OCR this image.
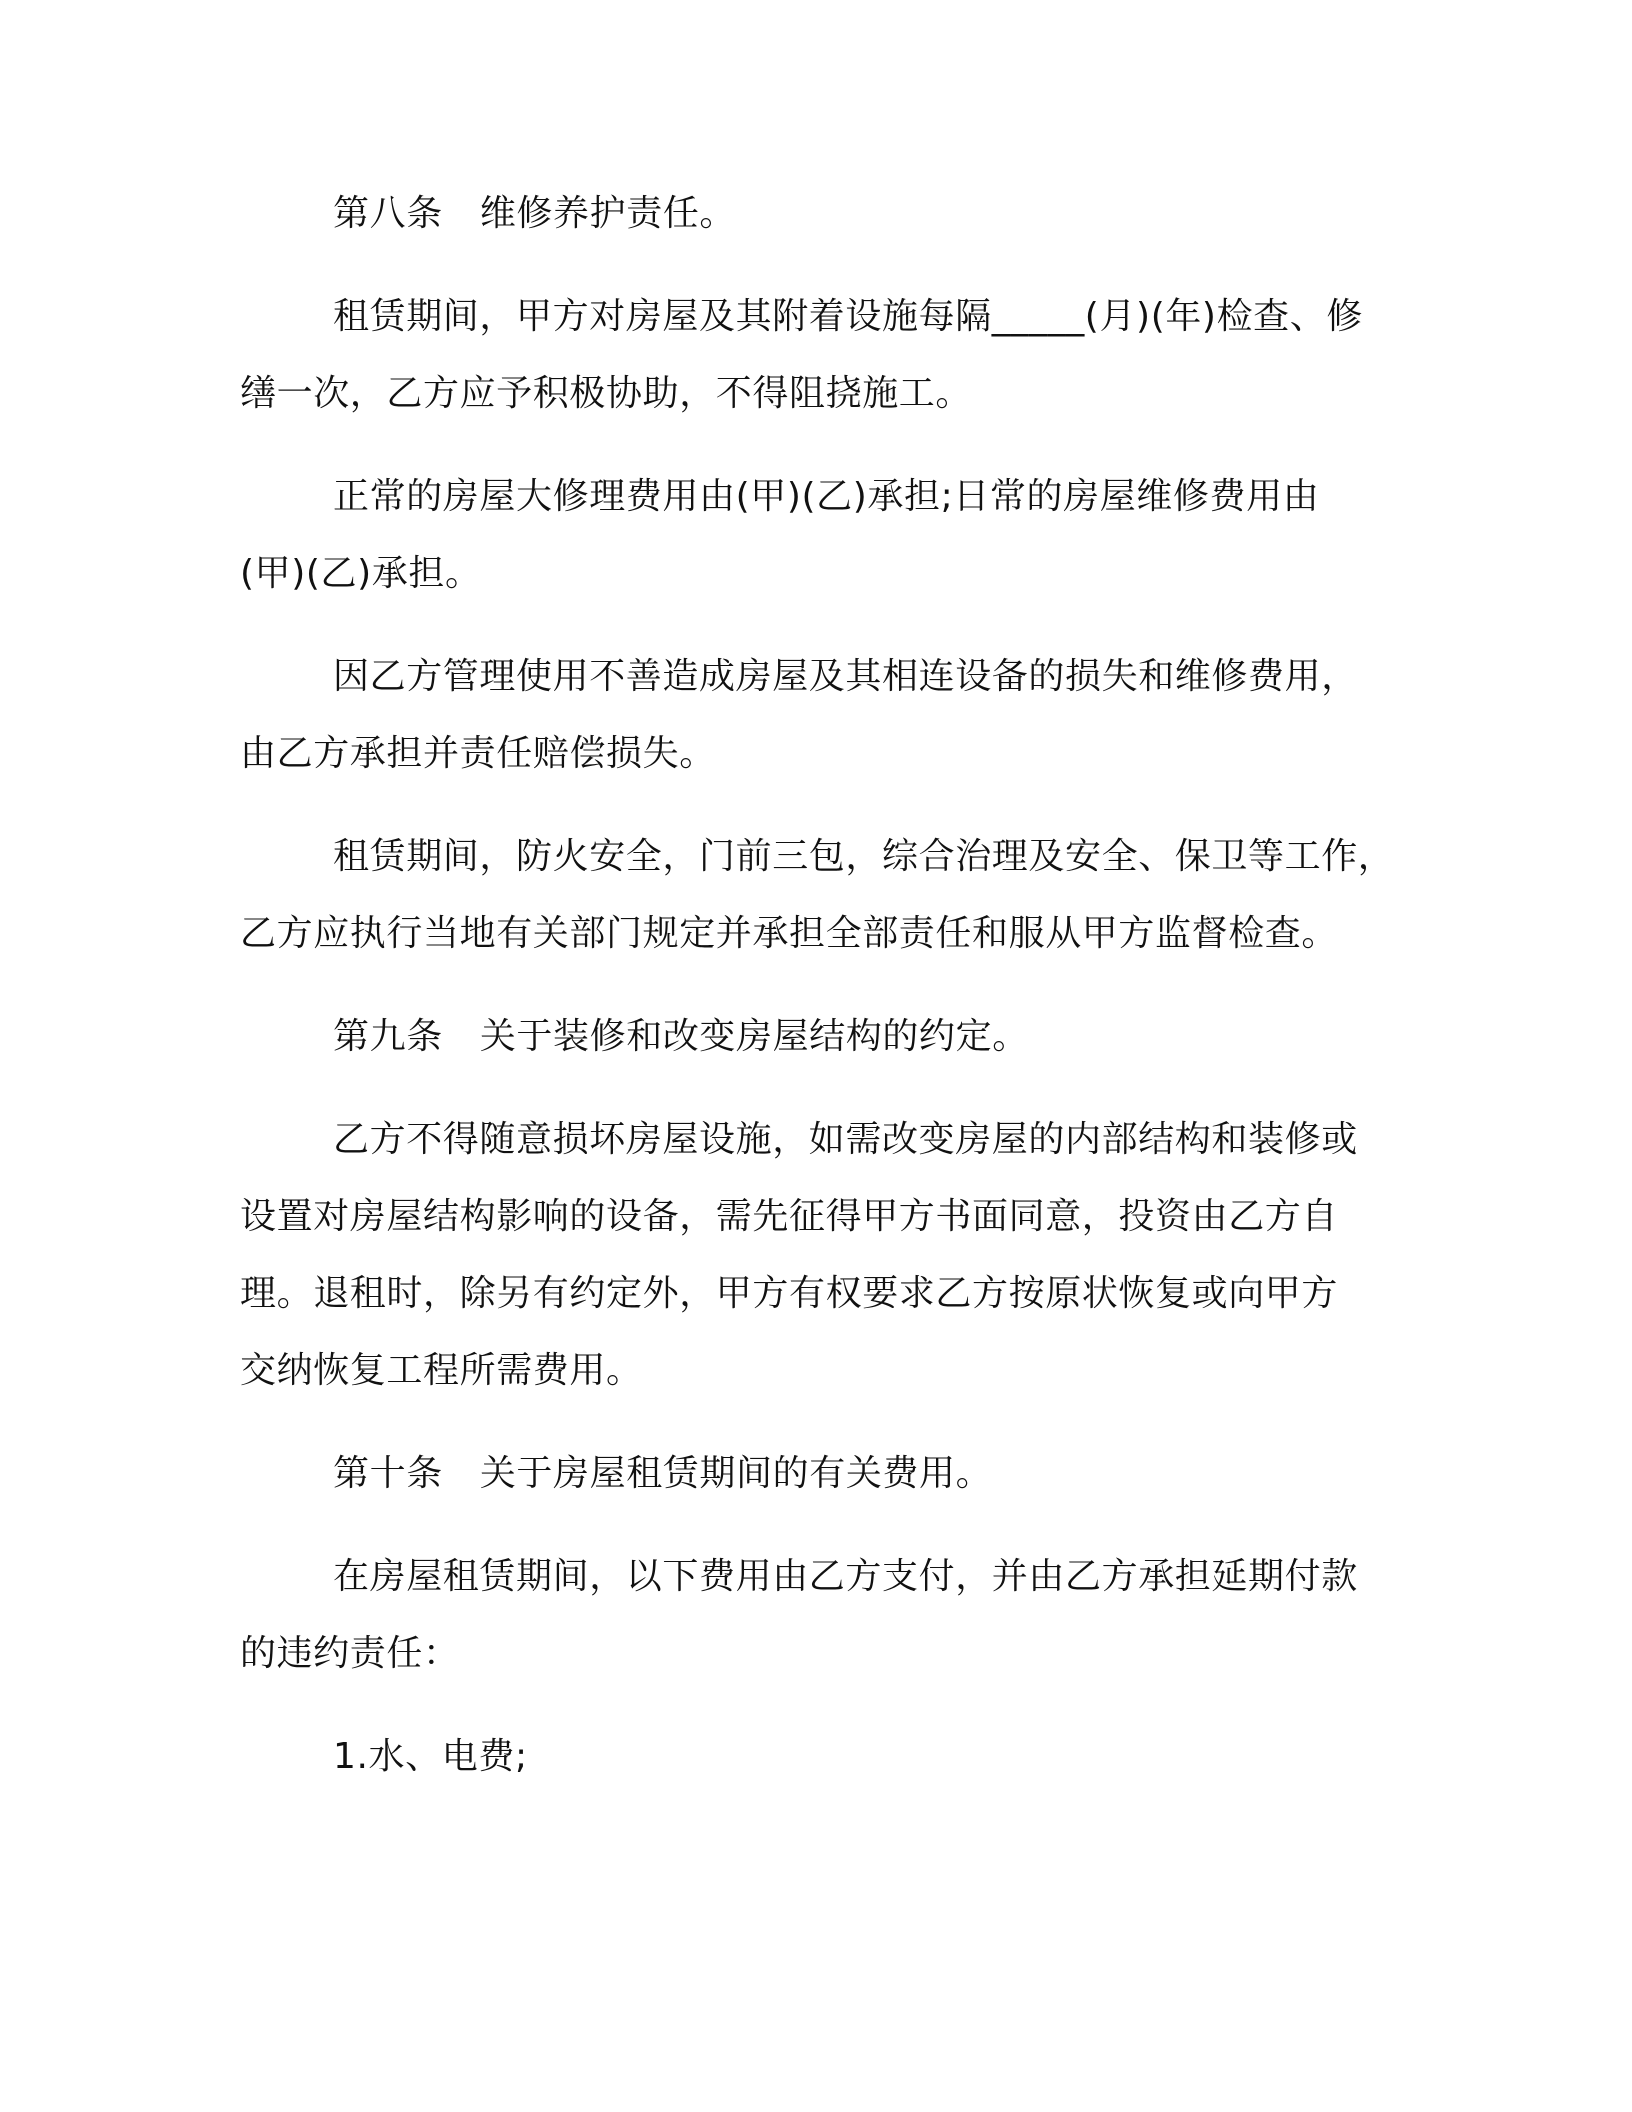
第八条 维修养护责任。
租赁期间，甲方对房屋及其附着设施每隔_____(月)(年)检查、修
缮一次，乙方应予积极协助，不得阻挠施工。
正常的房屋大修理费用由(甲)(乙)承担;日常的房屋维修费用由
(甲)(乙)承担。
因乙方管理使用不善造成房屋及其相连设备的损失和维修费用，
由乙方承担并责任赔偿损失。
租赁期间，防火安全，门前三包，综合治理及安全、保卫等工作，
乙方应执行当地有关部门规定并承担全部责任和服从甲方监督检查。
第九条 关于装修和改变房屋结构的约定。
乙方不得随意损坏房屋设施，如需改变房屋的内部结构和装修或
设置对房屋结构影响的设备，需先征得甲方书面同意，投资由乙方自
理。退租时，除另有约定外，甲方有权要求乙方按原状恢复或向甲方
交纳恢复工程所需费用。
第十条 关于房屋租赁期间的有关费用。
在房屋租赁期间，以下费用由乙方支付，并由乙方承担延期付款
的违约责任：
1.水、电费;
